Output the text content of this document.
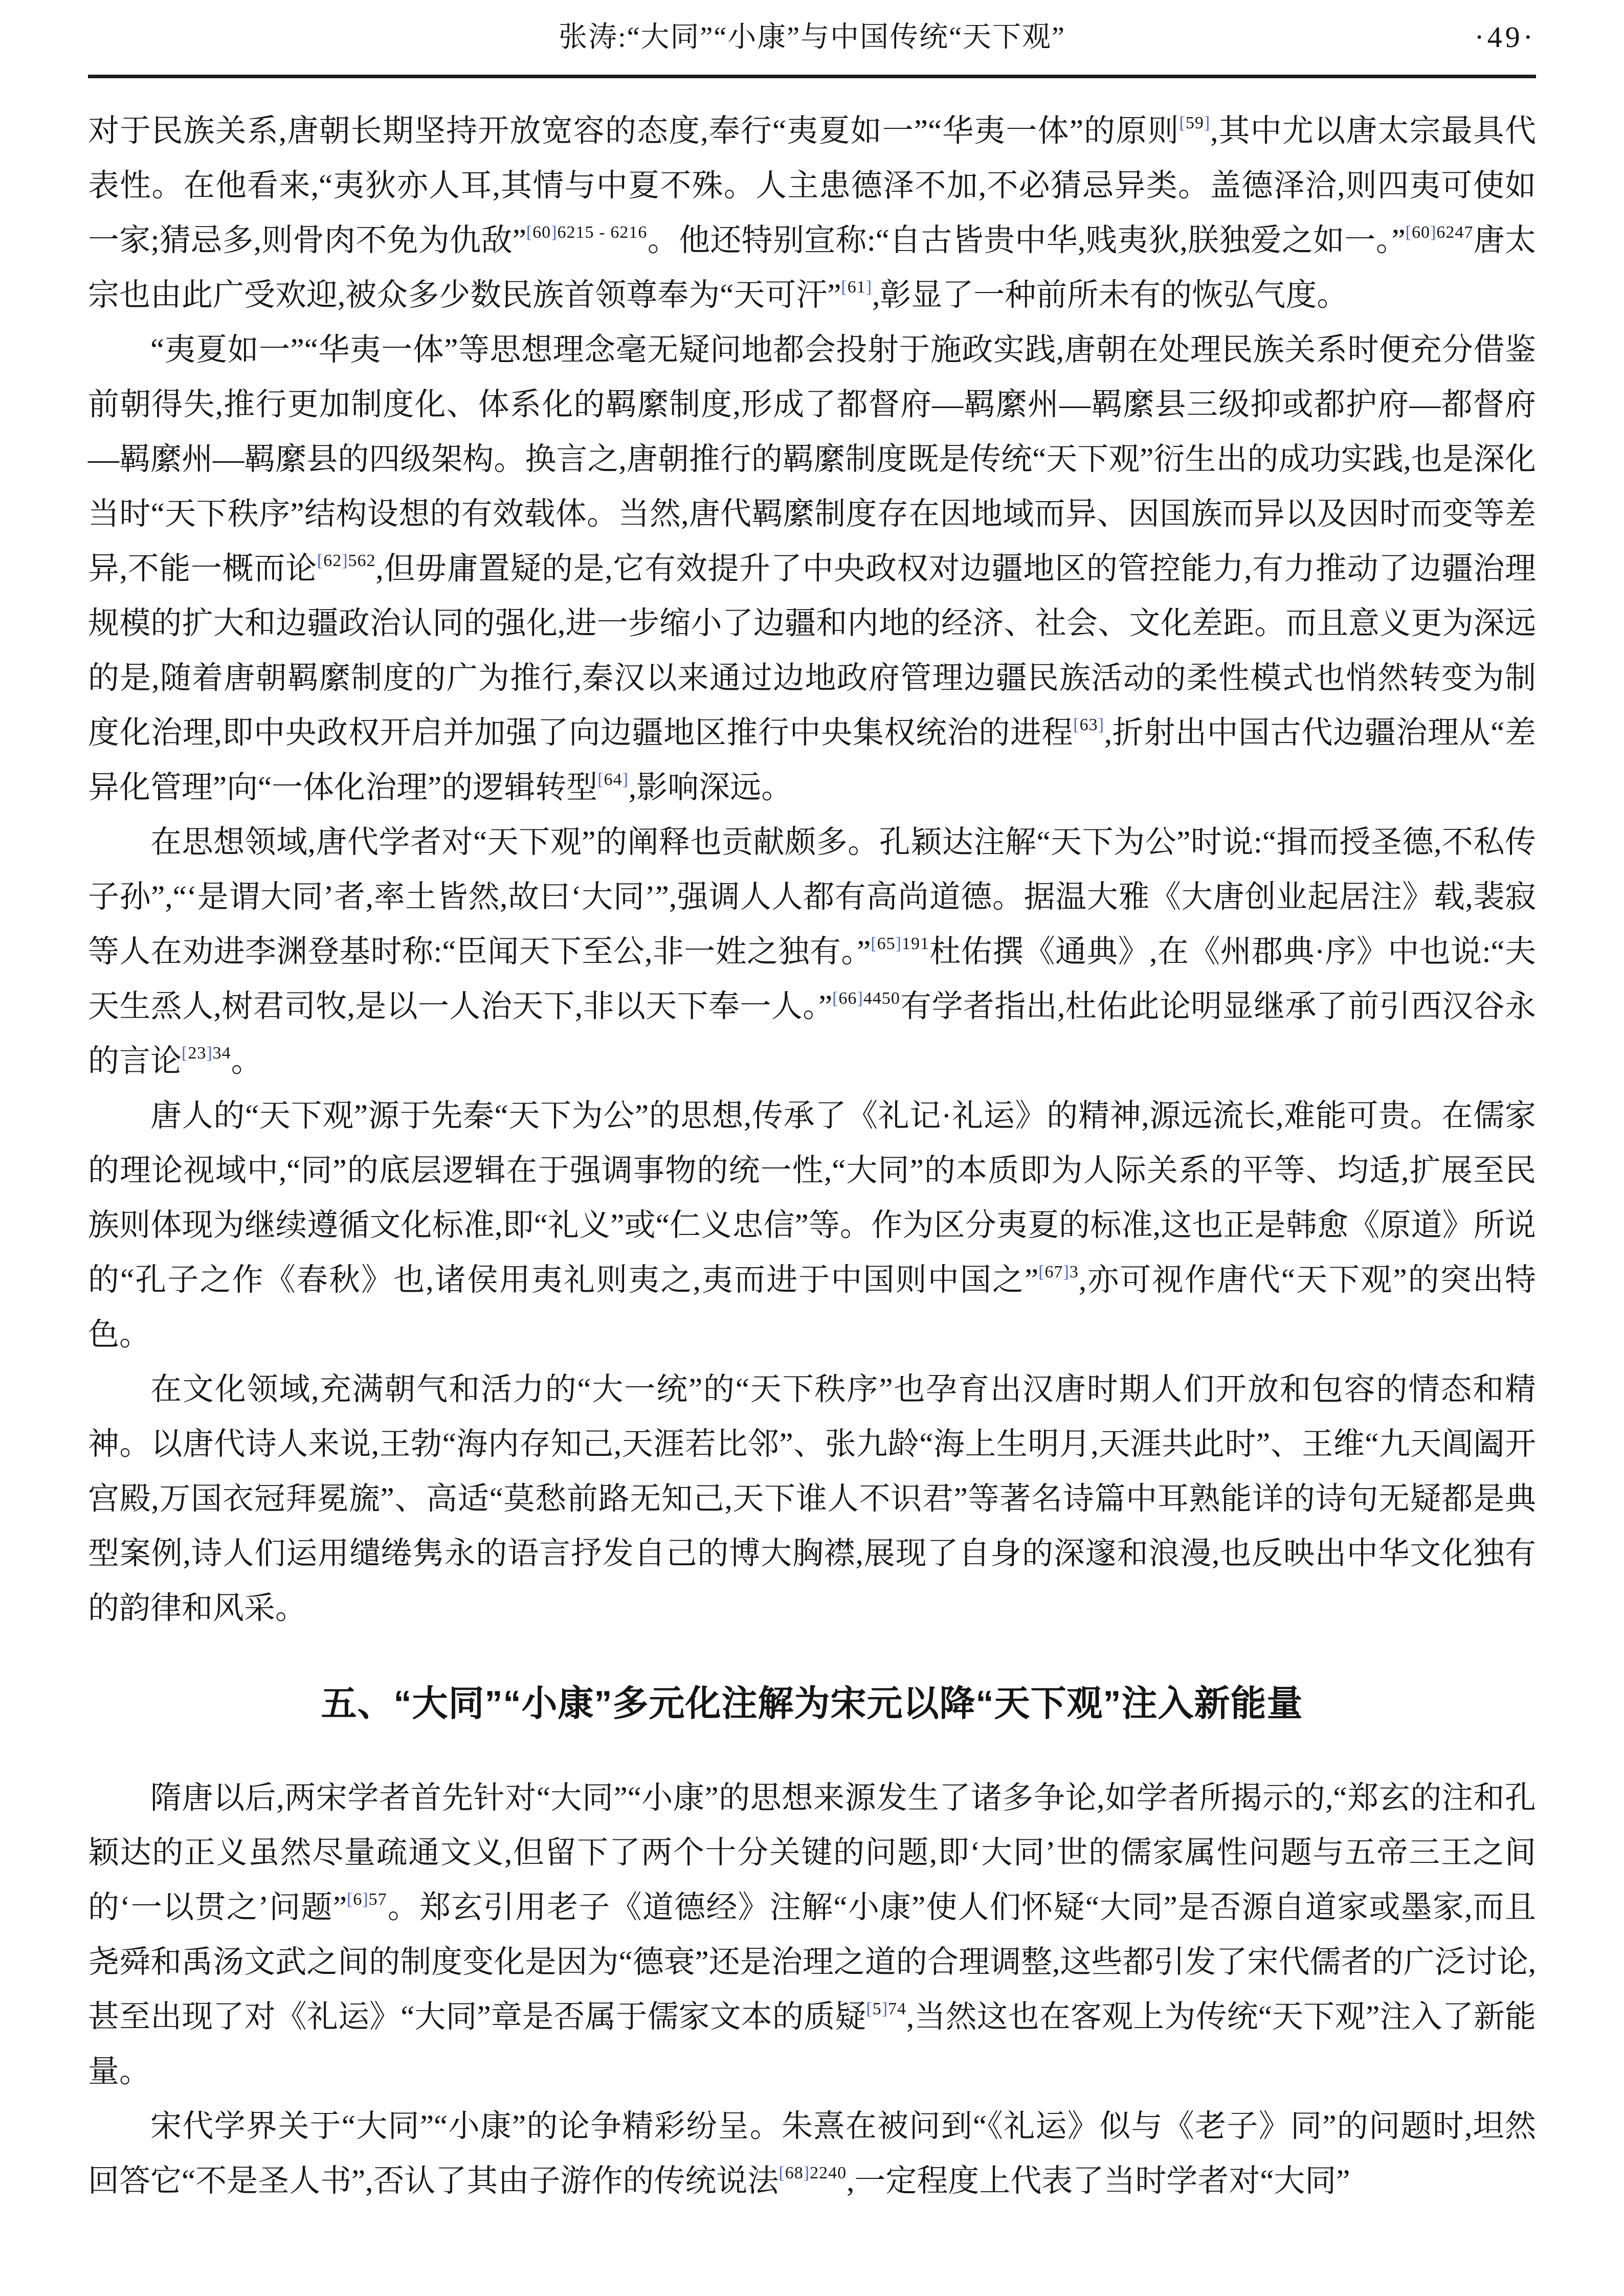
张涛:“大同”“小康”与中国传统“天下观”	·49·

对于民族关系,唐朝长期坚持开放宽容的态度,奉行“夷夏如一”“华夷一体”的原则[59],其中尤以唐太宗最具代表性。在他看来,“夷狄亦人耳,其情与中夏不殊。人主患德泽不加,不必猜忌异类。盖德泽洽,则四夷可使如一家;猜忌多,则骨肉不免为仇敌”$^{[60]6215 - 6216}$。他还特别宣称:“自古皆贵中华,贱夷狄,朕独爱之如一。”$^{[60]6247}$唐太宗也由此广受欢迎,被众多少数民族首领尊奉为“天可汗”[61],彰显了一种前所未有的恢弘气度。

“夷夏如一”“华夷一体”等思想理念毫无疑问地都会投射于施政实践,唐朝在处理民族关系时便充分借鉴前朝得失,推行更加制度化、体系化的羁縻制度,形成了都督府—羁縻州—羁縻县三级抑或都护府—都督府—羁縻州—羁縻县的四级架构。换言之,唐朝推行的羁縻制度既是传统“天下观”衍生出的成功实践,也是深化当时“天下秩序”结构设想的有效载体。当然,唐代羁縻制度存在因地域而异、因国族而异以及因时而变等差异,不能一概而论$^{[62]562}$,但毋庸置疑的是,它有效提升了中央政权对边疆地区的管控能力,有力推动了边疆治理规模的扩大和边疆政治认同的强化,进一步缩小了边疆和内地的经济、社会、文化差距。而且意义更为深远的是,随着唐朝羁縻制度的广为推行,秦汉以来通过边地政府管理边疆民族活动的柔性模式也悄然转变为制度化治理,即中央政权开启并加强了向边疆地区推行中央集权统治的进程[63],折射出中国古代边疆治理从“差异化管理”向“一体化治理”的逻辑转型[64],影响深远。

在思想领域,唐代学者对“天下观”的阐释也贡献颇多。孔颖达注解“天下为公”时说:“揖而授圣德,不私传子孙”,“‘是谓大同’者,率土皆然,故曰‘大同’”,强调人人都有高尚道德。据温大雅《大唐创业起居注》载,裴寂等人在劝进李渊登基时称:“臣闻天下至公,非一姓之独有。”$^{[65]191}$杜佑撰《通典》,在《州郡典·序》中也说:“夫天生烝人,树君司牧,是以一人治天下,非以天下奉一人。”$^{[66]4450}$有学者指出,杜佑此论明显继承了前引西汉谷永的言论$^{[23]34}$。

唐人的“天下观”源于先秦“天下为公”的思想,传承了《礼记·礼运》的精神,源远流长,难能可贵。在儒家的理论视域中,“同”的底层逻辑在于强调事物的统一性,“大同”的本质即为人际关系的平等、均适,扩展至民族则体现为继续遵循文化标准,即“礼义”或“仁义忠信”等。作为区分夷夏的标准,这也正是韩愈《原道》所说的“孔子之作《春秋》也,诸侯用夷礼则夷之,夷而进于中国则中国之”$^{[67]3}$,亦可视作唐代“天下观”的突出特色。

在文化领域,充满朝气和活力的“大一统”的“天下秩序”也孕育出汉唐时期人们开放和包容的情态和精神。以唐代诗人来说,王勃“海内存知己,天涯若比邻”、张九龄“海上生明月,天涯共此时”、王维“九天阊阖开宫殿,万国衣冠拜冕旒”、高适“莫愁前路无知己,天下谁人不识君”等著名诗篇中耳熟能详的诗句无疑都是典型案例,诗人们运用缱绻隽永的语言抒发自己的博大胸襟,展现了自身的深邃和浪漫,也反映出中华文化独有的韵律和风采。

五、“大同”“小康”多元化注解为宋元以降“天下观”注入新能量

隋唐以后,两宋学者首先针对“大同”“小康”的思想来源发生了诸多争论,如学者所揭示的,“郑玄的注和孔颖达的正义虽然尽量疏通文义,但留下了两个十分关键的问题,即‘大同’世的儒家属性问题与五帝三王之间的‘一以贯之’问题”$^{[6]57}$。郑玄引用老子《道德经》注解“小康”使人们怀疑“大同”是否源自道家或墨家,而且尧舜和禹汤文武之间的制度变化是因为“德衰”还是治理之道的合理调整,这些都引发了宋代儒者的广泛讨论,甚至出现了对《礼运》“大同”章是否属于儒家文本的质疑$^{[5]74}$,当然这也在客观上为传统“天下观”注入了新能量。

宋代学界关于“大同”“小康”的论争精彩纷呈。朱熹在被问到“《礼运》似与《老子》同”的问题时,坦然回答它“不是圣人书”,否认了其由子游作的传统说法$^{[68]2240}$,一定程度上代表了当时学者对“大同”
